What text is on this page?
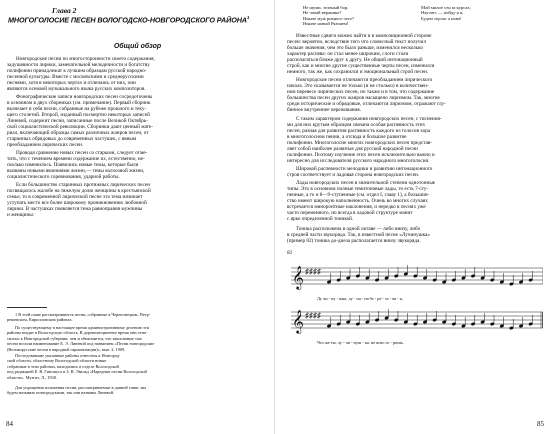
Глава 2
МНОГОГОЛОСИЕ ПЕСЕН ВОЛОГОДСКО-НОВГОРОДСКОГО РАЙОНА$^1$
Общий обзор

Новгородские песни по многосторонности своего содержания,
задушевности лирики, замечательной мелодичности и богатству
полифонии принадлежат к лучшим образцам русской народно-
песенной культуры. Вместе с московскими и среднерусскими
песнями, хотя в некоторых чертах и отличаясь от них, они
являются основой музыкального языка русских композиторов.

Фонографические записи новгородских песен сосредоточены
в основном в двух сборниках (см. примечание). Первый сборник
включает в себя песни, собранные на рубеже прошлого и теку-
щего столетий. Второй, изданный посмертно некоторых записей
Линевой, содержит песни, записанные после Великой Октябрь-
ской социалистической революции. Сборники дают ценный мате-
риал, включающий образцы самых различных жанров песен, от
старинных обрядовых до современных частушек, с явным
преобладанием лирических песен.

Проводя сравнение новых песен со старыми, следует отме-
тить, что с течением времени содержание их, естественно, не-
сколько изменилось. Появились новые темы, которые были
вызваны новыми явлениями жизни,— темы колхозной жизни,
социалистического соревнования, ударной работы.

Если большинство старинных протяжных лирических песен
посвящалось жалобе на тяжелую долю женщины в крестьянской
семье, то в современной лирической песне эта тема начинает
уступать место все более широкому проникновению любовной
лирики. В частушках появляется тема равноправия мужчины
и женщины:

1 В этой главе рассматриваются песни, собранные в Череповецком, Петр-
решевском, Кирилловском районах.

По существующему в настоящее время административному делению эти
районы входят в Вологодскую область. В дореволюционное время они отно-
сились к Новгородской губернии, чем и объясняется, что записанные там
песни носили наименование Е. Э. Линевой под названием «Песни новгородские
(Великорусские песни в народной гармонизации)», вып. 2, 1909.

Последовавшие указанные районы отнесены к Новгород-
ской области, областному Вологодской области новые
собранные в этих районах, находились в отделе Вологодской
под редакцией Е. В. Гиппиуса и З. В. Эвальд «Народные песни Вологодской
области». Музгиз, Л., 1938.

Для упрощения изложения песни, рассматриваемые в данной главе, мы
будем называть новгородскими, так они названы Линевой.

84
Не шуми, зеленый бор,
Не чачай веранине!
Нынче муж ровного чего?
Нынче новый Рязонем!
Мой милое сен ш курсах,
Научатс — пойду я я,
Будем торлас а нова!

Известные сдвиги можно найти и в композиционной стороне
песен: вероятно, вследствие того что словесный текст получил
больше значения, чем это было раньше, изменился несколько
характер распева: он стал менее широким, слоги стали
располагаться ближе друг к другу. Не общий интонационный
строй, как и многие другие существенные черты песен, изменился
немного, так же, как сохранился и эмоциональный строй песен.

Новгородские песни отличаются преобладанием лирического
начала. Это сказывается не только (и не столько) в количествен-
ном перевесе лирических песен, но также и в том, что содержание
большинства песен других жанров насыщено лиризмом. Так, многие
среди исторические и обрядовые, отличаются лиризмом, отражают глу-
бинное внутреннее переживания.

С таким характером содержания новгородских песен, с тиснения-
ми для них крутым образцом связана особая распевность этих
песен, разная для развития распевность каждого из голосов хора
в многоголосном пении, а отсюда и большое развитие
полифонии. Многоголосие многих новгородских песен представ-
ляет собой наиболее развитые для русской народной песни
полифонии. Поэтому изучение этих песен исключительно важно и
интересно для исследователя русского народного многоголосия.

Широкой распевности мелодики и развитию интонационного
строя соответствует и ладовая сторона новгородских песен.

Лады новгородских песен в значительной степени однотонные
типы. Это в основном полные гемитоновые лады, то есть 7-сту-
пенные, а то и 8—9-ступенные (см. отдел I, главу 1), а большин-
ство имеют широкую наполненность. Очень во многих случаях
встречается миноронтные наклонения, и нередко в песнях уже
часто переменного, но всегда в ладовой структуре манит
с ярко определенной тоникой.

Тоника расположена в одной октаве — либо внизу, либо
в средней части звукоряда. Так, в известной песне «Лучинушка»
(пример 82) тоника до-диеза располагается внизу звукоряда.

82
𝄞 ♯♯♯♯
Лу чи - ну - шка, лу - чи - на бе - рё - зо - ва - я,
𝄞 ♯♯♯♯
Что же ты, лу - чи - нуш - ка, не ясно го - рншь,
85
